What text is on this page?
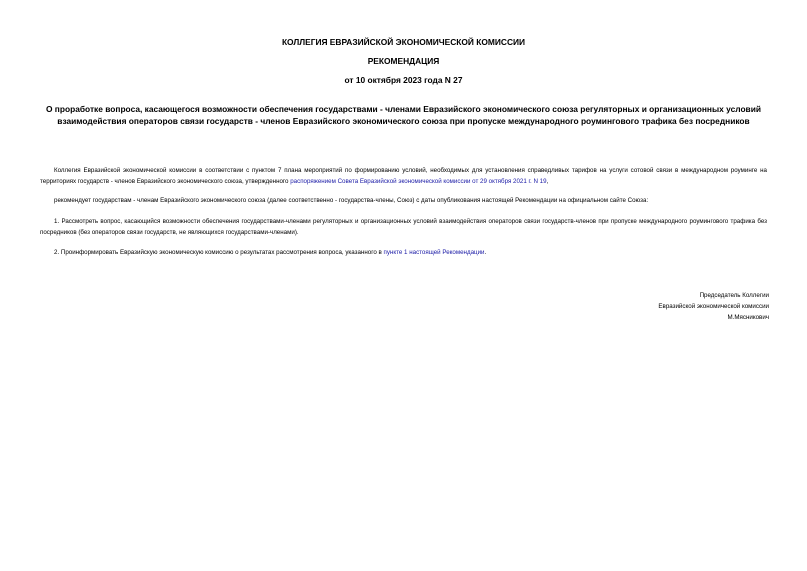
КОЛЛЕГИЯ ЕВРАЗИЙСКОЙ ЭКОНОМИЧЕСКОЙ КОМИССИИ
РЕКОМЕНДАЦИЯ
от 10 октября 2023 года N 27
О проработке вопроса, касающегося возможности обеспечения государствами - членами Евразийского экономического союза регуляторных и организационных условий взаимодействия операторов связи государств - членов Евразийского экономического союза при пропуске международного роумингового трафика без посредников
Коллегия Евразийской экономической комиссии в соответствии с пунктом 7 плана мероприятий по формированию условий, необходимых для установления справедливых тарифов на услуги сотовой связи в международном роуминге на территориях государств - членов Евразийского экономического союза, утвержденного распоряжением Совета Евразийской экономической комиссии от 29 октября 2021 г. N 19,
рекомендует государствам - членам Евразийского экономического союза (далее соответственно - государства-члены, Союз) с даты опубликования настоящей Рекомендации на официальном сайте Союза:
1. Рассмотреть вопрос, касающийся возможности обеспечения государствами-членами регуляторных и организационных условий взаимодействия операторов связи государств-членов при пропуске международного роумингового трафика без посредников (без операторов связи государств, не являющихся государствами-членами).
2. Проинформировать Евразийскую экономическую комиссию о результатах рассмотрения вопроса, указанного в пункте 1 настоящей Рекомендации.
Председатель Коллегии
Евразийской экономической комиссии
М.Мясникович
